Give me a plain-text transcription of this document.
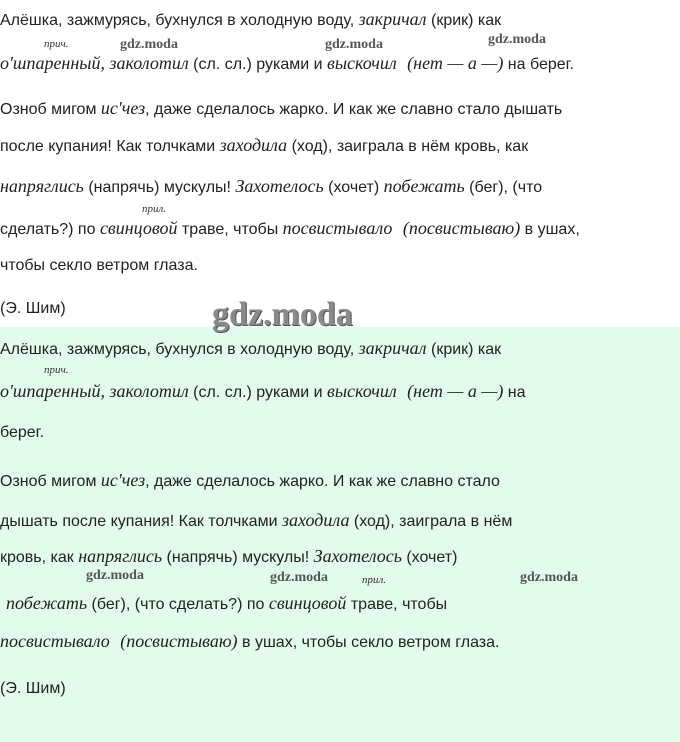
Алёшка, зажмурясь, бухнулся в холодную воду, закричал (крик) как
прич.	gdz.moda	gdz.moda	gdz.moda
о'шпаренный, заколотил (сл. сл.) руками и выскочил (нет — а —) на берег.
Озноб мигом ис'чез, даже сделалось жарко. И как же славно стало дышать
после купания! Как толчками заходила (ход), заиграла в нём кровь, как
напряглись (напрячь) мускулы! Захотелось (хочет) побежать (бег), (что
прил.
сделать?) по свинцовой траве, чтобы посвистывало (посвистываю) в ушах,
чтобы секло ветром глаза.
(Э. Шим)	gdz.moda
Алёшка, зажмурясь, бухнулся в холодную воду, закричал (крик) как
прич.
о'шпаренный, заколотил (сл. сл.) руками и выскочил (нет — а —) на
берег.
Озноб мигом ис'чез, даже сделалось жарко. И как же славно стало
дышать после купания! Как толчками заходила (ход), заиграла в нём
кровь, как напряглись (напрячь) мускулы! Захотелось (хочет)
gdz.moda	gdz.moda	прил.	gdz.moda
побежать (бег), (что сделать?) по свинцовой траве, чтобы
посвистывало (посвистываю) в ушах, чтобы секло ветром глаза.
(Э. Шим)
